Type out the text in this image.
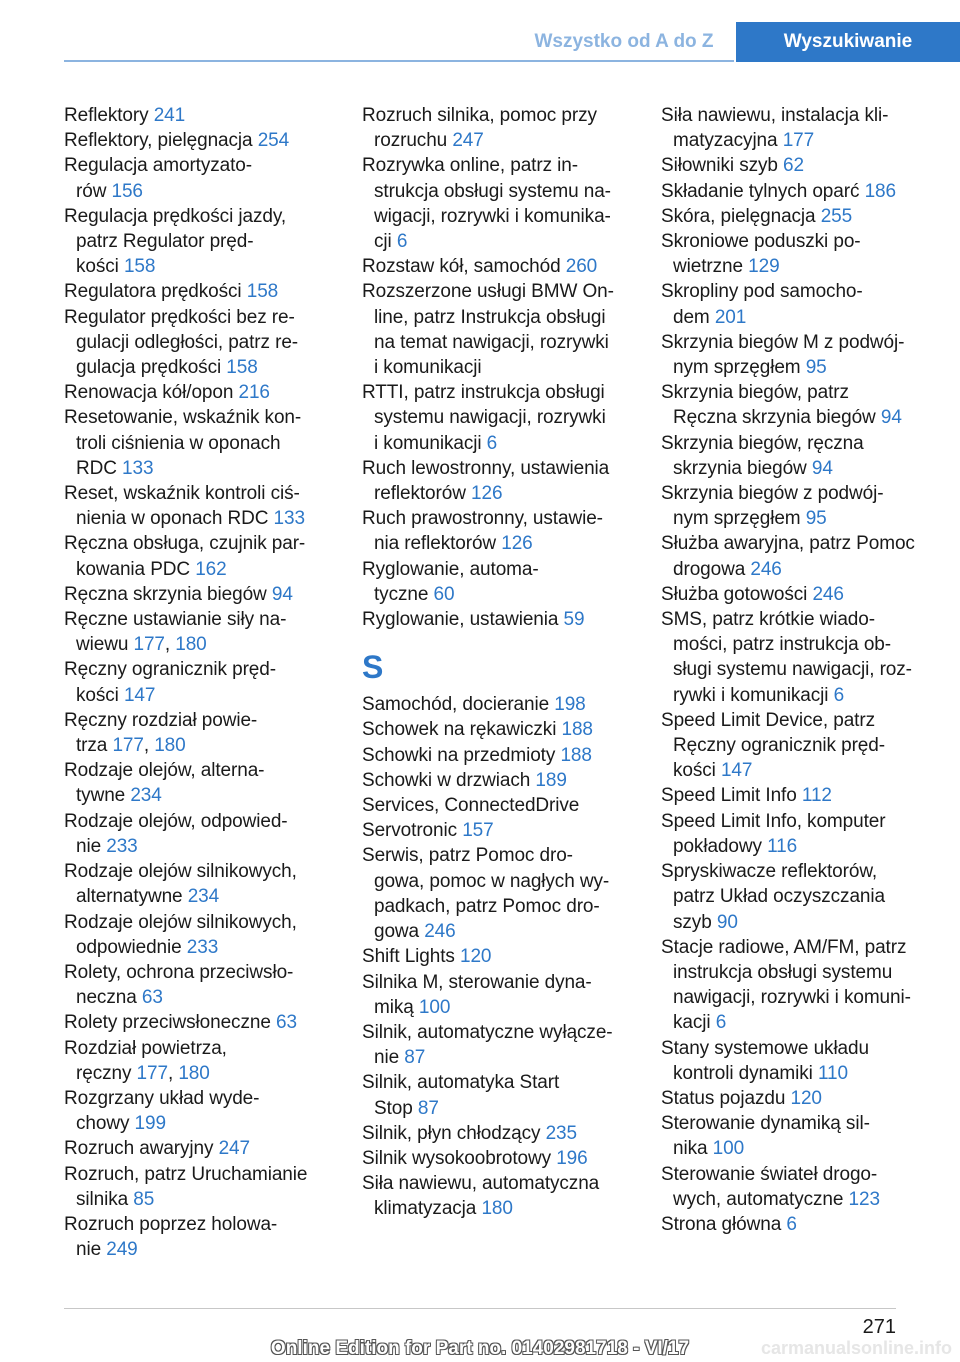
Wszystko od A do Z	Wyszukiwanie
Reflektory 241
Reflektory, pielęgnacja 254
Regulacja amortyzato-
rów 156
Regulacja prędkości jazdy,
patrz Regulator pręd-
kości 158
Regulatora prędkości 158
Regulator prędkości bez re-
gulacji odległości, patrz re-
gulacja prędkości 158
Renowacja kół/opon 216
Resetowanie, wskaźnik kon-
troli ciśnienia w oponach
RDC 133
Reset, wskaźnik kontroli ciś-
nienia w oponach RDC 133
Ręczna obsługa, czujnik par-
kowania PDC 162
Ręczna skrzynia biegów 94
Ręczne ustawianie siły na-
wiewu 177, 180
Ręczny ogranicznik pręd-
kości 147
Ręczny rozdział powie-
trza 177, 180
Rodzaje olejów, alterna-
tywne 234
Rodzaje olejów, odpowied-
nie 233
Rodzaje olejów silnikowych,
alternatywne 234
Rodzaje olejów silnikowych,
odpowiednie 233
Rolety, ochrona przeciwsło-
neczna 63
Rolety przeciwsłoneczne 63
Rozdział powietrza,
ręczny 177, 180
Rozgrzany układ wyde-
chowy 199
Rozruch awaryjny 247
Rozruch, patrz Uruchamianie
silnika 85
Rozruch poprzez holowa-
nie 249
Rozruch silnika, pomoc przy
rozruchu 247
Rozrywka online, patrz in-
strukcja obsługi systemu na-
wigacji, rozrywki i komunika-
cji 6
Rozstaw kół, samochód 260
Rozszerzone usługi BMW On-
line, patrz Instrukcja obsługi
na temat nawigacji, rozrywki
i komunikacji
RTTI, patrz instrukcja obsługi
systemu nawigacji, rozrywki
i komunikacji 6
Ruch lewostronny, ustawienia
reflektorów 126
Ruch prawostronny, ustawie-
nia reflektorów 126
Ryglowanie, automa-
tyczne 60
Ryglowanie, ustawienia 59
S
Samochód, docieranie 198
Schowek na rękawiczki 188
Schowki na przedmioty 188
Schowki w drzwiach 189
Services, ConnectedDrive
Servotronic 157
Serwis, patrz Pomoc dro-
gowa, pomoc w nagłych wy-
padkach, patrz Pomoc dro-
gowa 246
Shift Lights 120
Silnika M, sterowanie dyna-
miką 100
Silnik, automatyczne wyłącze-
nie 87
Silnik, automatyka Start
Stop 87
Silnik, płyn chłodzący 235
Silnik wysokoobrotowy 196
Siła nawiewu, automatyczna
klimatyzacja 180
Siła nawiewu, instalacja kli-
matyzacyjna 177
Siłowniki szyb 62
Składanie tylnych oparć 186
Skóra, pielęgnacja 255
Skroniowe poduszki po-
wietrzne 129
Skropliny pod samocho-
dem 201
Skrzynia biegów M z podwój-
nym sprzęgłem 95
Skrzynia biegów, patrz
Ręczna skrzynia biegów 94
Skrzynia biegów, ręczna
skrzynia biegów 94
Skrzynia biegów z podwój-
nym sprzęgłem 95
Służba awaryjna, patrz Pomoc
drogowa 246
Służba gotowości 246
SMS, patrz krótkie wiado-
mości, patrz instrukcja ob-
sługi systemu nawigacji, roz-
rywki i komunikacji 6
Speed Limit Device, patrz
Ręczny ogranicznik pręd-
kości 147
Speed Limit Info 112
Speed Limit Info, komputer
pokładowy 116
Spryskiwacze reflektorów,
patrz Układ oczyszczania
szyb 90
Stacje radiowe, AM/FM, patrz
instrukcja obsługi systemu
nawigacji, rozrywki i komuni-
kacji 6
Stany systemowe układu
kontroli dynamiki 110
Status pojazdu 120
Sterowanie dynamiką sil-
nika 100
Sterowanie świateł drogo-
wych, automatyczne 123
Strona główna 6
271
Online Edition for Part no. 01402981718 - VI/17	carmanualsonline.info
